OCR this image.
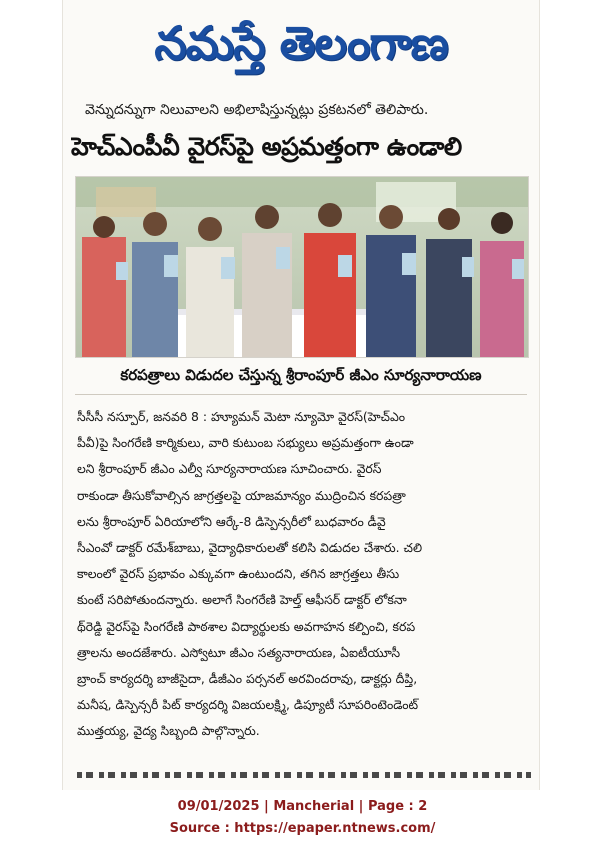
నమస్తే తెలంగాణ
వెన్నుదన్నుగా నిలువాలని అభిలాషిస్తున్నట్లు ప్రకటనలో తెలిపారు.
హెచ్ఎంపీవీ వైరస్‌పై అప్రమత్తంగా ఉండాలి
కరపత్రాలు విడుదల చేస్తున్న శ్రీరాంపూర్ జీఎం సూర్యనారాయణ
సీసీసీ నస్పూర్, జనవరి 8 : హ్యూమన్ మెటా న్యూమో వైరస్(హెచ్ఎం
పీవీ)పై సింగరేణి కార్మికులు, వారి కుటుంబ సభ్యులు అప్రమత్తంగా ఉండా
లని శ్రీరాంపూర్ జీఎం ఎల్వీ సూర్యనారాయణ సూచించారు. వైరస్
రాకుండా తీసుకోవాల్సిన జాగ్రత్తలపై యాజమాన్యం ముద్రించిన కరపత్రా
లను శ్రీరాంపూర్ ఏరియాలోని ఆర్కే-8 డిస్పెన్సరీలో బుధవారం డీవై
సీఎంవో డాక్టర్ రమేశ్‌బాబు, వైద్యాధికారులతో కలిసి విడుదల చేశారు. చలి
కాలంలో వైరస్ ప్రభావం ఎక్కువగా ఉంటుందని, తగిన జాగ్రత్తలు తీసు
కుంటే సరిపోతుందన్నారు. అలాగే సింగరేణి హెల్త్ ఆఫీసర్ డాక్టర్ లోకనా
థ్‌రెడ్డి వైరస్‌పై సింగరేణి పాఠశాల విద్యార్థులకు అవగాహన కల్పించి, కరప
త్రాలను అందజేశారు. ఎస్వోటూ జీఎం సత్యనారాయణ, ఏఐటీయూసీ
బ్రాంచ్ కార్యదర్శి బాజీసైదా, డీజీఎం పర్సనల్ అరవిందరావు, డాక్టర్లు దీప్తి,
మనీష, డిస్పెన్సరీ పిట్ కార్యదర్శి విజయలక్ష్మి, డిప్యూటీ సూపరింటెండెంట్
ముత్తయ్య, వైద్య సిబ్బంది పాల్గొన్నారు.
09/01/2025 | Mancherial | Page : 2
Source : https://epaper.ntnews.com/
